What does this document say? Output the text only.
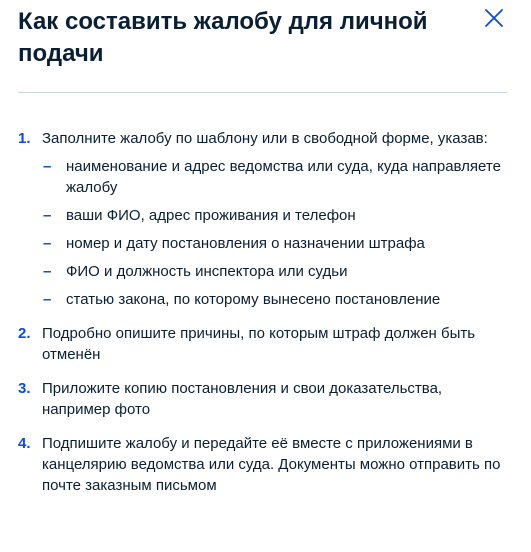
Как составить жалобу для личной подачи
1. Заполните жалобу по шаблону или в свободной форме, указав:
– наименование и адрес ведомства или суда, куда направляете жалобу
– ваши ФИО, адрес проживания и телефон
– номер и дату постановления о назначении штрафа
– ФИО и должность инспектора или судьи
– статью закона, по которому вынесено постановление
2. Подробно опишите причины, по которым штраф должен быть отменён
3. Приложите копию постановления и свои доказательства, например фото
4. Подпишите жалобу и передайте её вместе с приложениями в канцелярию ведомства или суда. Документы можно отправить по почте заказным письмом
